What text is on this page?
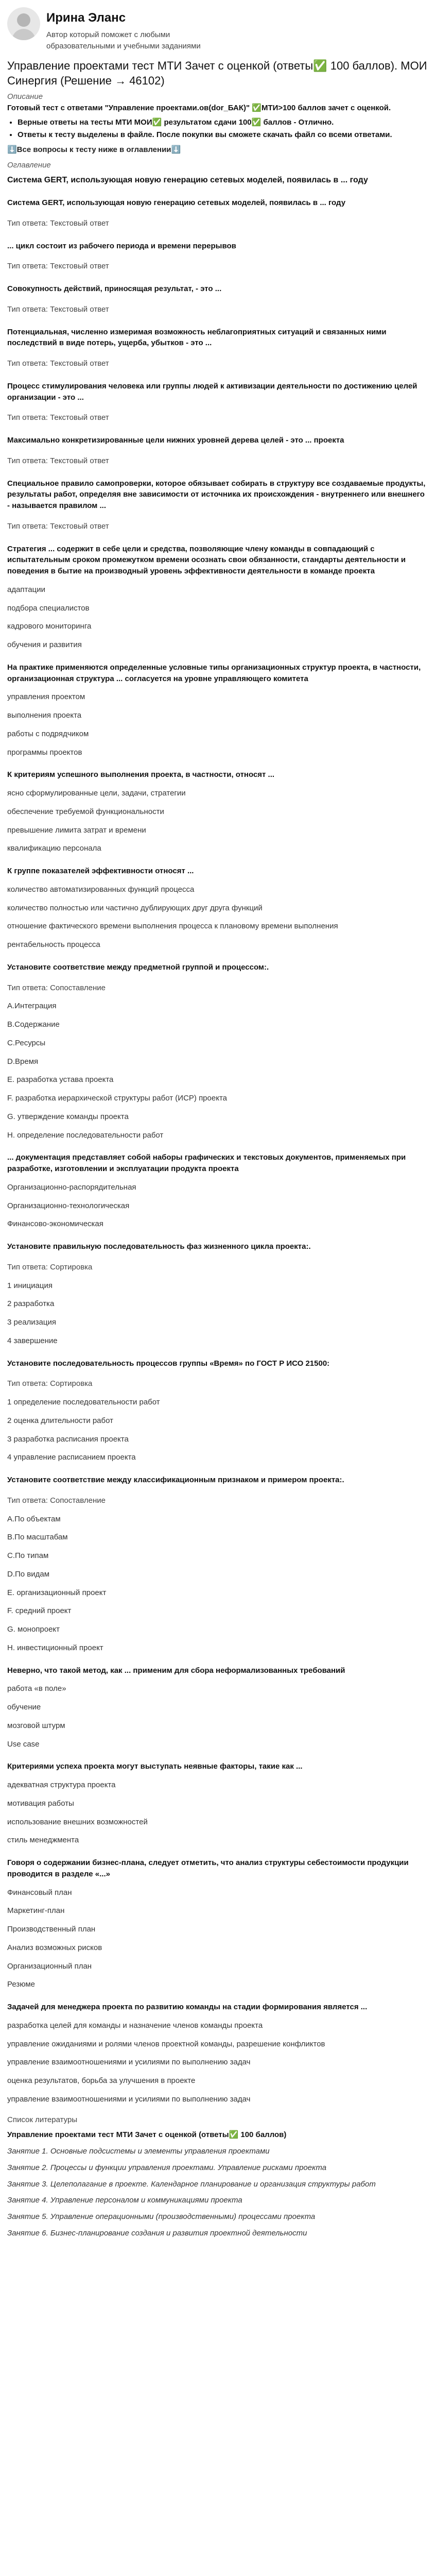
Ирина Эланс
Автор который поможет с любыми образовательными и учебными заданиями
Управление проектами тест МТИ Зачет с оценкой (ответы✅ 100 баллов). МОИ Синергия (Решение → 46102)
Описание
Готовый тест с ответами "Управление проектами.ов(dor_БАК)" ✅МТИ>100 баллов зачет с оценкой.
• Верные ответы на тесты МТИ МОИ✅ результатом сдачи 100✅ баллов - Отлично.
• Ответы к тесту выделены в файле. После покупки вы сможете скачать файл со всеми ответами.
⬇️Все вопросы к тесту ниже в оглавлении⬇️
Оглавление
Система GERT, использующая новую генерацию сетевых моделей, появилась в ... году
Система GERT, использующая новую генерацию сетевых моделей, появилась в ... году
Тип ответа: Текстовый ответ
... цикл состоит из рабочего периода и времени перерывов
Тип ответа: Текстовый ответ
Совокупность действий, приносящая результат, - это ...
Тип ответа: Текстовый ответ
Потенциальная, численно измеримая возможность неблагоприятных ситуаций и связанных ними последствий в виде потерь, ущерба, убытков - это ...
Тип ответа: Текстовый ответ
Процесс стимулирования человека или группы людей к активизации деятельности по достижению целей организации - это ...
Тип ответа: Текстовый ответ
Максимально конкретизированные цели нижних уровней дерева целей - это ... проекта
Тип ответа: Текстовый ответ
Специальное правило самопроверки, которое обязывает собирать в структуру все создаваемые продукты, результаты работ, определяя вне зависимости от источника их происхождения - внутреннего или внешнего - называется правилом ...
Тип ответа: Текстовый ответ
Стратегия ... содержит в себе цели и средства, позволяющие члену команды в совпадающий с испытательным сроком промежутком времени осознать свои обязанности, стандарты деятельности и поведения в бытие на производный уровень эффективности деятельности в команде проекта
адаптации
подбора специалистов
кадрового мониторинга
обучения и развития
На практике применяются определенные условные типы организационных структур проекта, в частности, организационная структура ... согласуется на уровне управляющего комитета
управления проектом
выполнения проекта
работы с подрядчиком
программы проектов
К критериям успешного выполнения проекта, в частности, относят ...
ясно сформулированные цели, задачи, стратегии
обеспечение требуемой функциональности
превышение лимита затрат и времени
квалификацию персонала
К группе показателей эффективности относят ...
количество автоматизированных функций процесса
количество полностью или частично дублирующих друг друга функций
отношение фактического времени выполнения процесса к плановому времени выполнения
рентабельность процесса
Установите соответствие между предметной группой и процессом:.
Тип ответа: Сопоставление
A.Интеграция
B.Содержание
C.Ресурсы
D.Время
E. разработка устава проекта
F. разработка иерархической структуры работ (ИСР) проекта
G. утверждение команды проекта
H. определение последовательности работ
... документация представляет собой наборы графических и текстовых документов, применяемых при разработке, изготовлении и эксплуатации продукта проекта
Организационно-распорядительная
Организационно-технологическая
Финансово-экономическая
Установите правильную последовательность фаз жизненного цикла проекта:.
Тип ответа: Сортировка
1 инициация
2 разработка
3 реализация
4 завершение
Установите последовательность процессов группы «Время» по ГОСТ Р ИСО 21500:
Тип ответа: Сортировка
1 определение последовательности работ
2 оценка длительности работ
3 разработка расписания проекта
4 управление расписанием проекта
Установите соответствие между классификационным признаком и примером проекта:.
Тип ответа: Сопоставление
A.По объектам
B.По масштабам
C.По типам
D.По видам
E. организационный проект
F. средний проект
G. монопроект
H. инвестиционный проект
Неверно, что такой метод, как ... применим для сбора неформализованных требований
работа «в поле»
обучение
мозговой штурм
Use case
Критериями успеха проекта могут выступать неявные факторы, такие как ...
адекватная структура проекта
мотивация работы
использование внешних возможностей
стиль менеджмента
Говоря о содержании бизнес-плана, следует отметить, что анализ структуры себестоимости продукции проводится в разделе «...»
Финансовый план
Маркетинг-план
Производственный план
Анализ возможных рисков
Организационный план
Резюме
Задачей для менеджера проекта по развитию команды на стадии формирования является ...
разработка целей для команды и назначение членов команды проекта
управление ожиданиями и ролями членов проектной команды, разрешение конфликтов
управление взаимоотношениями и усилиями по выполнению задач
оценка результатов, борьба за улучшения в проекте
управление взаимоотношениями и усилиями по выполнению задач
Список литературы
Управление проектами тест МТИ Зачет с оценкой (ответы✅ 100 баллов)
Занятие 1. Основные подсистемы и элементы управления проектами
Занятие 2. Процессы и функции управления проектами. Управление рисками проекта
Занятие 3. Целеполагание в проекте. Календарное планирование и организация структуры работ
Занятие 4. Управление персоналом и коммуникациями проекта
Занятие 5. Управление операционными (производственными) процессами проекта
Занятие 6. Бизнес-планирование создания и развития проектной деятельности
